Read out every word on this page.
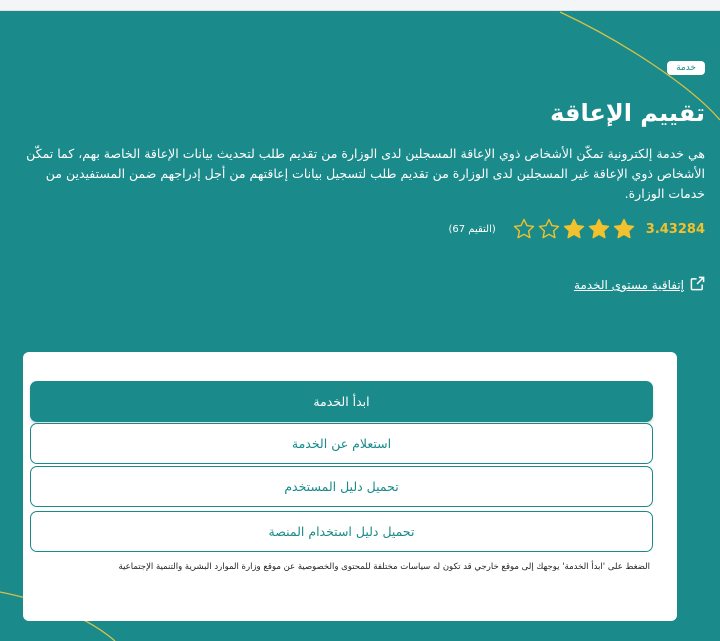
خدمة
تقييم الإعاقة

هي خدمة إلكترونية تمكّن الأشخاص ذوي الإعاقة المسجلين لدى الوزارة من تقديم طلب لتحديث بيانات الإعاقة الخاصة بهم، كما تمكّن الأشخاص ذوي الإعاقة غير المسجلين لدى الوزارة من تقديم طلب لتسجيل بيانات إعاقتهم من أجل إدراجهم ضمن المستفيدين من خدمات الوزارة.

3.43284
(التقيم 67)
إتفاقية مستوى الخدمة
ابدأ الخدمة
استعلام عن الخدمة
تحميل دليل المستخدم
تحميل دليل استخدام المنصة

الضغط على 'ابدأ الخدمة' يوجهك إلى موقع خارجي قد تكون له سياسات مختلفة للمحتوى والخصوصية عن موقع وزارة الموارد البشرية والتنمية الإجتماعية
